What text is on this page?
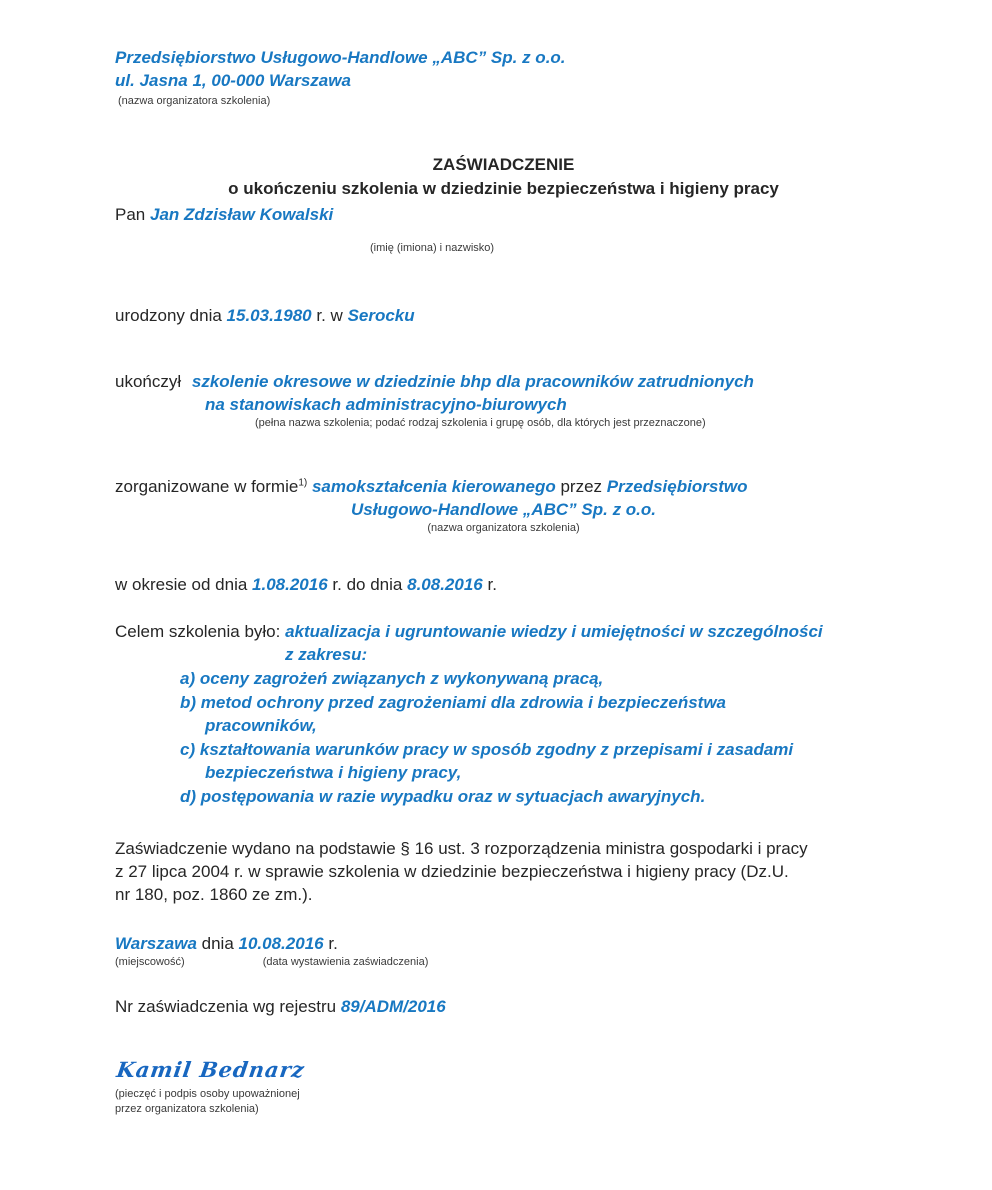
Przedsiębiorstwo Usługowo-Handlowe „ABC” Sp. z o.o.
ul. Jasna 1, 00-000 Warszawa
(nazwa organizatora szkolenia)
ZAŚWIADCZENIE
o ukończeniu szkolenia w dziedzinie bezpieczeństwa i higieny pracy
Pan Jan Zdzisław Kowalski
(imię (imiona) i nazwisko)
urodzony dnia 15.03.1980 r. w Serocku
ukończył szkolenie okresowe w dziedzinie bhp dla pracowników zatrudnionych
na stanowiskach administracyjno-biurowych
(pełna nazwa szkolenia; podać rodzaj szkolenia i grupę osób, dla których jest przeznaczone)
zorganizowane w formie$^{1)}$ samokształcenia kierowanego przez Przedsiębiorstwo
Usługowo-Handlowe „ABC” Sp. z o.o.
(nazwa organizatora szkolenia)
w okresie od dnia 1.08.2016 r. do dnia 8.08.2016 r.
Celem szkolenia było: aktualizacja i ugruntowanie wiedzy i umiejętności w szczególności
z zakresu:
a) oceny zagrożeń związanych z wykonywaną pracą,
b) metod ochrony przed zagrożeniami dla zdrowia i bezpieczeństwa
pracowników,
c) kształtowania warunków pracy w sposób zgodny z przepisami i zasadami
bezpieczeństwa i higieny pracy,
d) postępowania w razie wypadku oraz w sytuacjach awaryjnych.
Zaświadczenie wydano na podstawie § 16 ust. 3 rozporządzenia ministra gospodarki i pracy
z 27 lipca 2004 r. w sprawie szkolenia w dziedzinie bezpieczeństwa i higieny pracy (Dz.U.
nr 180, poz. 1860 ze zm.).
Warszawa dnia 10.08.2016 r.
(miejscowość)	(data wystawienia zaświadczenia)
Nr zaświadczenia wg rejestru 89/ADM/2016
Kamil Bednarz
(pieczęć i podpis osoby upoważnionej
przez organizatora szkolenia)
